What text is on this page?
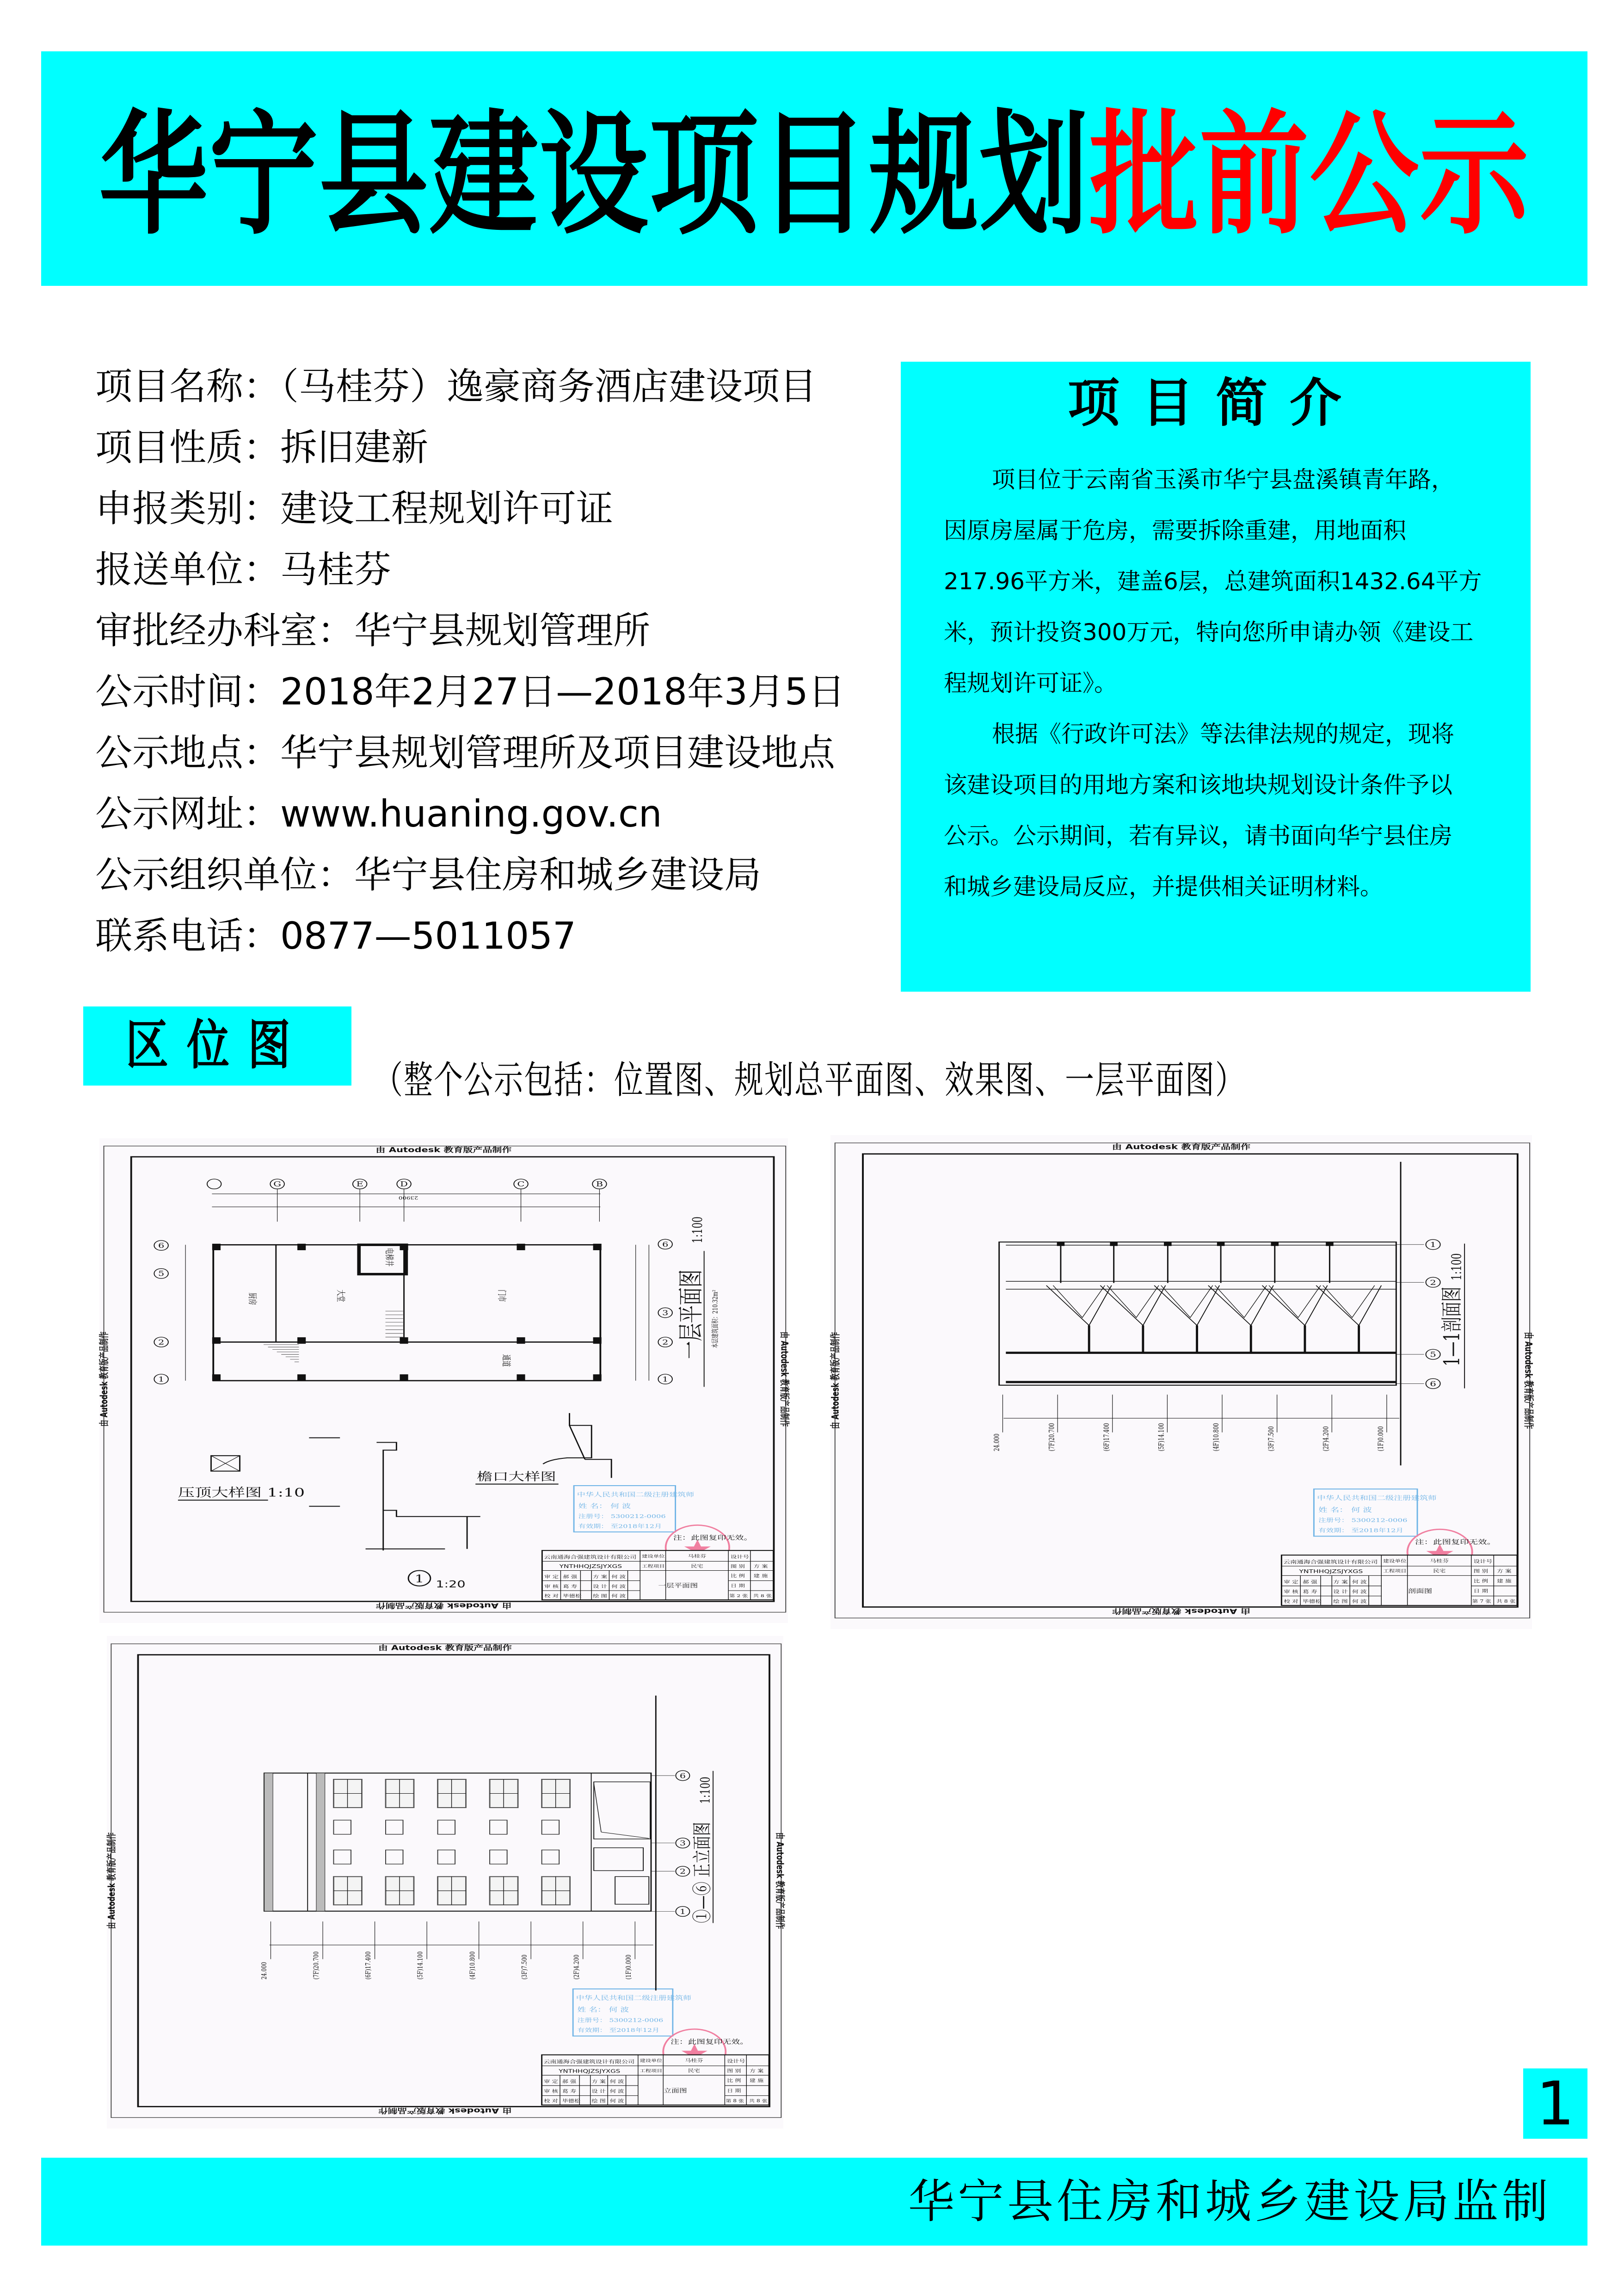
华宁县建设项目规划批前公示
项目名称：（马桂芬）逸豪商务酒店建设项目
项目性质：拆旧建新
申报类别：建设工程规划许可证
报送单位：马桂芬
审批经办科室：华宁县规划管理所
公示时间：2018年2月27日—2018年3月5日
公示地点：华宁县规划管理所及项目建设地点
公示网址：www.huaning.gov.cn
公示组织单位：华宁县住房和城乡建设局
联系电话：0877—5011057
项目简介
项目位于云南省玉溪市华宁县盘溪镇青年路，
因原房屋属于危房，需要拆除重建，用地面积
217.96平方米，建盖6层，总建筑面积1432.64平方
米，预计投资300万元，特向您所申请办领《建设工
程规划许可证》。
根据《行政许可法》等法律法规的规定，现将
该建设项目的用地方案和该地块规划设计条件予以
公示。公示期间，若有异议，请书面向华宁县住房
和城乡建设局反应，并提供相关证明材料。
区位图
（整个公示包括：位置图、规划总平面图、效果图、一层平面图）
由 Autodesk 教育版产品制作
由 Autodesk 教育版产品制作
由 Autodesk 教育版产品制作	由 Autodesk 教育版产品制作
中华人民共和国二级注册建筑师
姓 名： 何 波
注册号： 5300212-0006
有效期： 至2018年12月
注：此图复印无效。
云南通海合强建筑设计有限公司
YNTHHQJZSJYXGS
建设单位	马桂芬
工程项目	民宅
设计号
图 别 方 案
比 例 建 施
日 期
第 2 张 共 8 张
一层平面图
审 定 郝 强 方 案 何 波
审 核 葛 寿 设 计 何 波
校 对 毕德松 绘 图 何 波
23900
G	E	D	C	B
6
5
2
1
6
3
2
1
厨房	大堂	门市
通道
电梯井
一层平面图
1:100
本层建筑面积：210.32m²
压顶大样图 1:10
1 1:20
檐口大样图
由 Autodesk 教育版产品制作
由 Autodesk 教育版产品制作
由 Autodesk 教育版产品制作	由 Autodesk 教育版产品制作
中华人民共和国二级注册建筑师
姓 名： 何 波
注册号： 5300212-0006
有效期： 至2018年12月
注：此图复印无效。
云南通海合强建筑设计有限公司
YNTHHQJZSJYXGS
建设单位	马桂芬
工程项目	民宅
设计号
图 别 方 案
比 例 建 施
日 期
第 7 张 共 8 张
剖面图
审 定 郝 强 方 案 何 波
审 核 葛 寿 设 计 何 波
校 对 毕德松 绘 图 何 波
1
2
5
6
1—1剖面图
1:100
24.000	(7F)20.700	(6F)17.400	(5F)14.100	(4F)10.800	(3F)7.500	(2F)4.200	(1F)0.000
由 Autodesk 教育版产品制作
由 Autodesk 教育版产品制作
由 Autodesk 教育版产品制作	由 Autodesk 教育版产品制作
中华人民共和国二级注册建筑师
姓 名： 何 波
注册号： 5300212-0006
有效期： 至2018年12月
注：此图复印无效。
云南通海合强建筑设计有限公司
YNTHHQJZSJYXGS
建设单位	马桂芬
工程项目	民宅
设计号
图 别 方 案
比 例 建 施
日 期
第 8 张 共 8 张
立面图
审 定 郝 强 方 案 何 波
审 核 葛 寿 设 计 何 波
校 对 毕德松 绘 图 何 波
6
3
2
1 ①—⑥ 正立面图
1:100
24.000	(7F)20.700	(6F)17.400	(5F)14.100	(4F)10.800	(3F)7.500	(2F)4.200	(1F)0.000
1
华宁县住房和城乡建设局监制
